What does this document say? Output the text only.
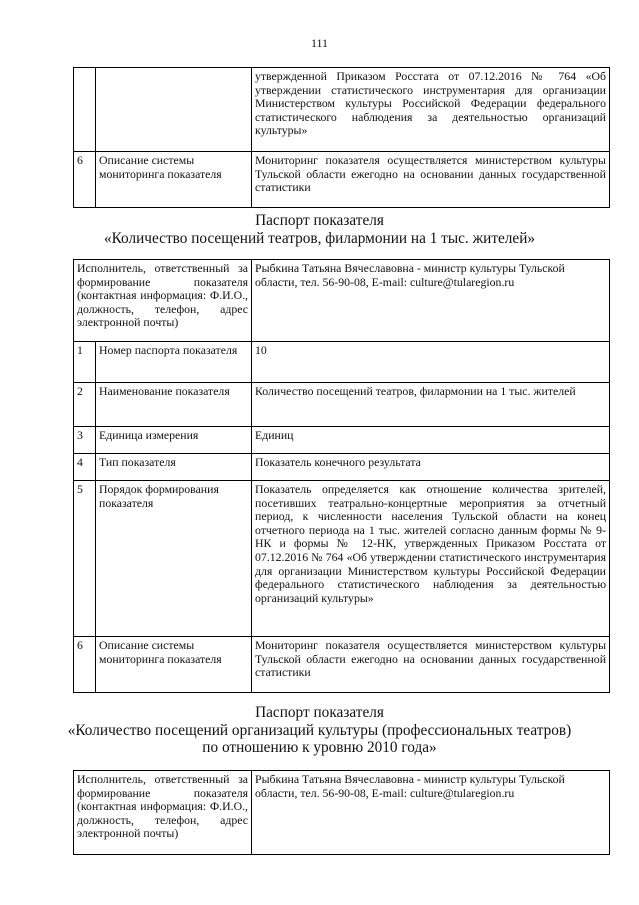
111
		утвержденной Приказом Росстата от 07.12.2016 № 764 «Об утверждении статистического инструментария для организации Министерством культуры Российской Федерации федерального статистического наблюдения за деятельностью организаций культуры»
6	Описание системы мониторинга показателя	Мониторинг показателя осуществляется министерством культуры Тульской области ежегодно на основании данных государственной статистики
Паспорт показателя
«Количество посещений театров, филармонии на 1 тыс. жителей»
Исполнитель, ответственный за формирование показателя (контактная информация: Ф.И.О., должность, телефон, адрес электронной почты)		Рыбкина Татьяна Вячеславовна - министр культуры Тульской области, тел. 56-90-08, E-mail: culture@tularegion.ru
1	Номер паспорта показателя	10
2	Наименование показателя	Количество посещений театров, филармонии на 1 тыс. жителей
3	Единица измерения	Единиц
4	Тип показателя	Показатель конечного результата
5	Порядок формирования показателя	Показатель определяется как отношение количества зрителей, посетивших театрально-концертные мероприятия за отчетный период, к численности населения Тульской области на конец отчетного периода на 1 тыс. жителей согласно данным формы № 9-НК и формы № 12-НК, утвержденных Приказом Росстата от 07.12.2016 № 764 «Об утверждении статистического инструментария для организации Министерством культуры Российской Федерации федерального статистического наблюдения за деятельностью организаций культуры»
6	Описание системы мониторинга показателя	Мониторинг показателя осуществляется министерством культуры Тульской области ежегодно на основании данных государственной статистики
Паспорт показателя
«Количество посещений организаций культуры (профессиональных театров)
по отношению к уровню 2010 года»
Исполнитель, ответственный за формирование показателя (контактная информация: Ф.И.О., должность, телефон, адрес электронной почты)	Рыбкина Татьяна Вячеславовна - министр культуры Тульской области, тел. 56-90-08, E-mail: culture@tularegion.ru
